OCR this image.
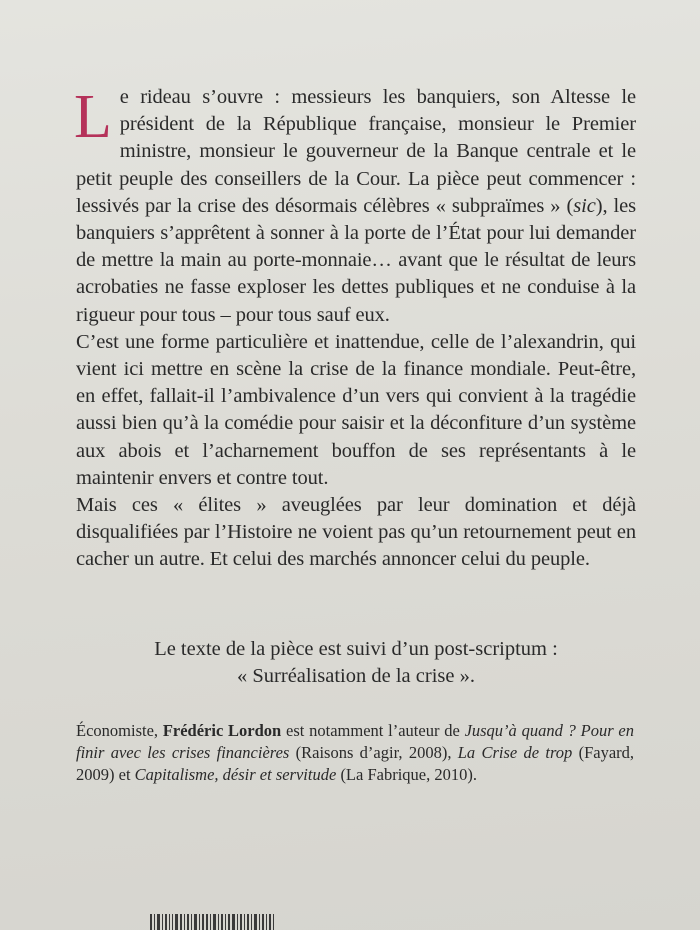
Le rideau s’ouvre : messieurs les banquiers, son Altesse le président de la République française, monsieur le Premier ministre, monsieur le gouverneur de la Banque centrale et le petit peuple des conseillers de la Cour. La pièce peut commencer : lessivés par la crise des désormais célèbres « subpraïmes » (sic), les banquiers s’apprêtent à sonner à la porte de l’État pour lui demander de mettre la main au porte-monnaie… avant que le résultat de leurs acrobaties ne fasse exploser les dettes publiques et ne conduise à la rigueur pour tous – pour tous sauf eux.

C’est une forme particulière et inattendue, celle de l’alexandrin, qui vient ici mettre en scène la crise de la finance mondiale. Peut-être, en effet, fallait-il l’ambivalence d’un vers qui convient à la tragédie aussi bien qu’à la comédie pour saisir et la déconfiture d’un système aux abois et l’acharnement bouffon de ses représentants à le maintenir envers et contre tout.

Mais ces « élites » aveuglées par leur domination et déjà disqualifiées par l’Histoire ne voient pas qu’un retournement peut en cacher un autre. Et celui des marchés annoncer celui du peuple.

Le texte de la pièce est suivi d’un post-scriptum :
« Surréalisation de la crise ».
Économiste, Frédéric Lordon est notamment l’auteur de Jusqu’à quand ? Pour en finir avec les crises financières (Raisons d’agir, 2008), La Crise de trop (Fayard, 2009) et Capitalisme, désir et servitude (La Fabrique, 2010).
